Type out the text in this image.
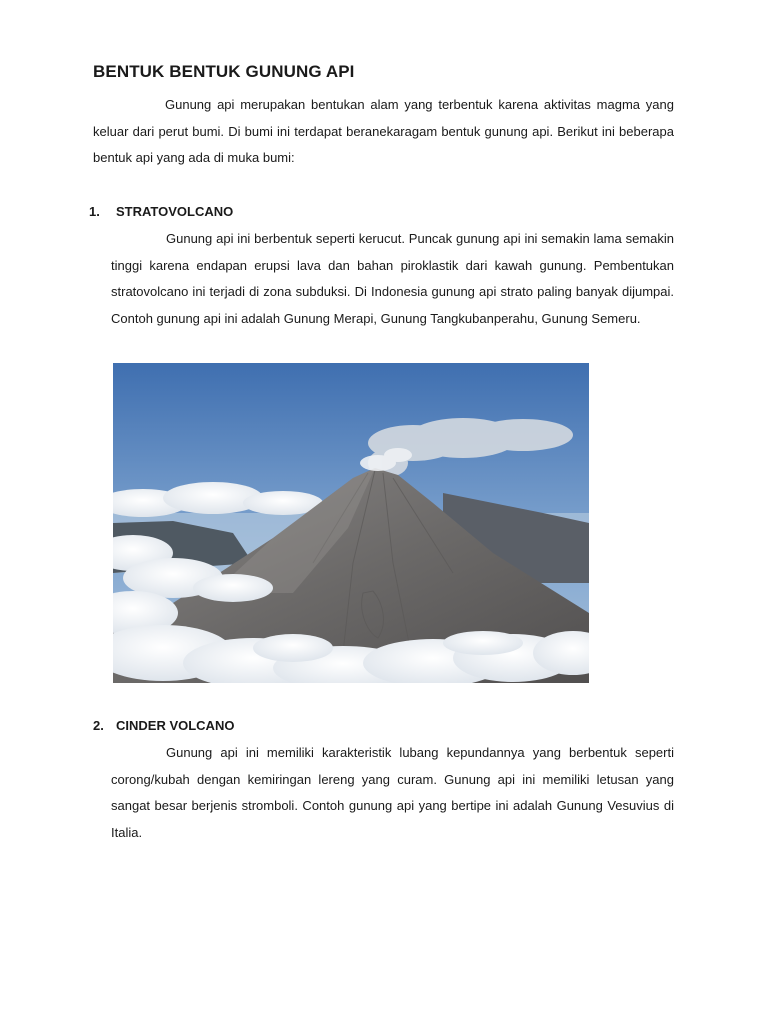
BENTUK BENTUK GUNUNG API
Gunung api merupakan bentukan alam yang terbentuk karena aktivitas magma yang keluar dari perut bumi. Di bumi ini terdapat beranekaragam bentuk gunung api. Berikut ini beberapa bentuk api yang ada di muka bumi:
1. STRATOVOLCANO
Gunung api ini berbentuk seperti kerucut. Puncak gunung api ini semakin lama semakin tinggi karena endapan erupsi lava dan bahan piroklastik dari kawah gunung. Pembentukan stratovolcano ini terjadi di zona subduksi. Di Indonesia gunung api strato paling banyak dijumpai. Contoh gunung api ini adalah Gunung Merapi, Gunung Tangkubanperahu, Gunung Semeru.
2. CINDER VOLCANO
Gunung api ini memiliki karakteristik lubang kepundannya yang berbentuk seperti corong/kubah dengan kemiringan lereng yang curam. Gunung api ini memiliki letusan yang sangat besar berjenis stromboli. Contoh gunung api yang bertipe ini adalah Gunung Vesuvius di Italia.
